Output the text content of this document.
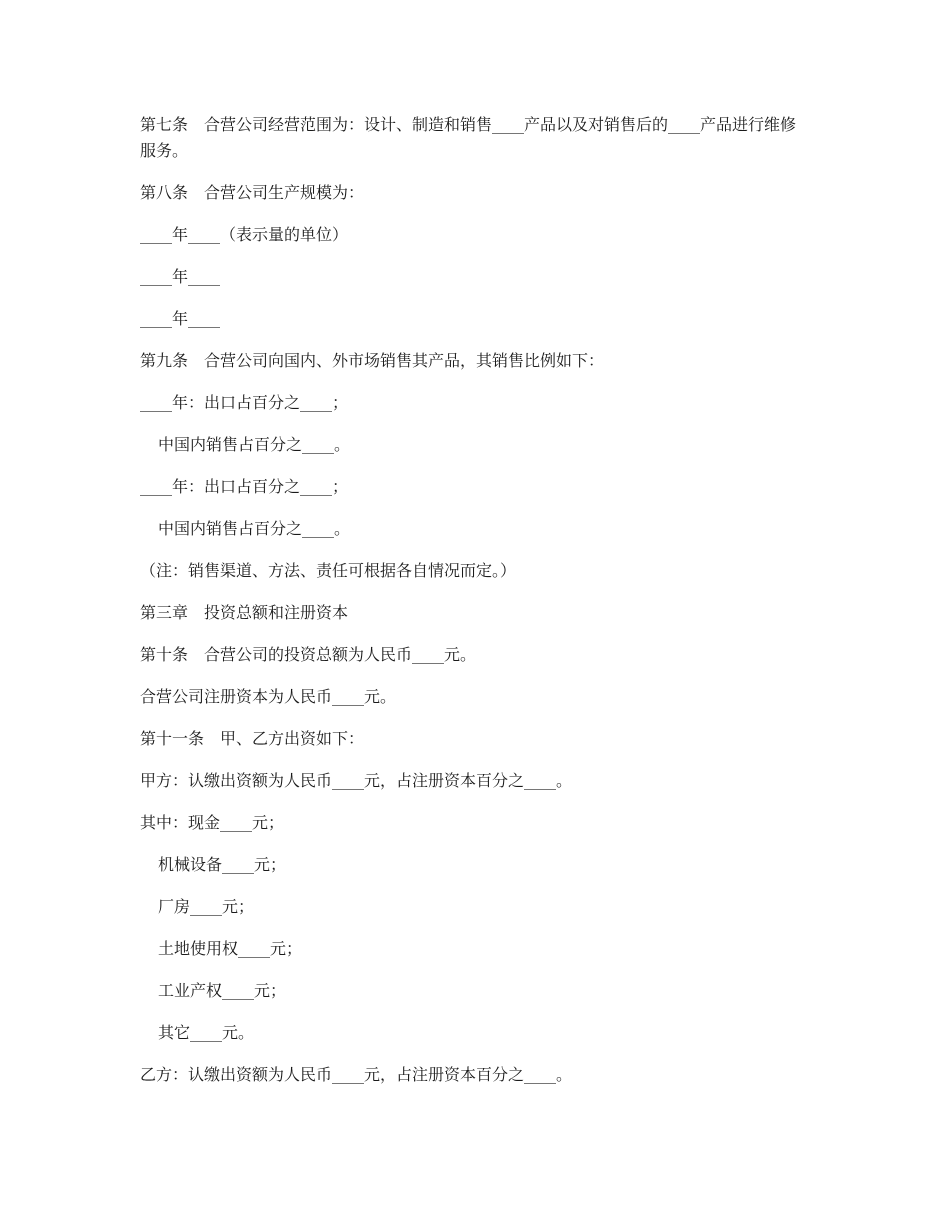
第七条　合营公司经营范围为：设计、制造和销售____产品以及对销售后的____产品进行维修服务。

第八条　合营公司生产规模为：

____年____（表示量的单位）

____年____

____年____

第九条　合营公司向国内、外市场销售其产品，其销售比例如下：

____年：出口占百分之____；

中国内销售占百分之____。

____年：出口占百分之____；

中国内销售占百分之____。

（注：销售渠道、方法、责任可根据各自情况而定。）

第三章　投资总额和注册资本

第十条　合营公司的投资总额为人民币____元。

合营公司注册资本为人民币____元。

第十一条　甲、乙方出资如下：

甲方：认缴出资额为人民币____元，占注册资本百分之____。

其中：现金____元；

机械设备____元；

厂房____元；

土地使用权____元；

工业产权____元；

其它____元。

乙方：认缴出资额为人民币____元，占注册资本百分之____。
